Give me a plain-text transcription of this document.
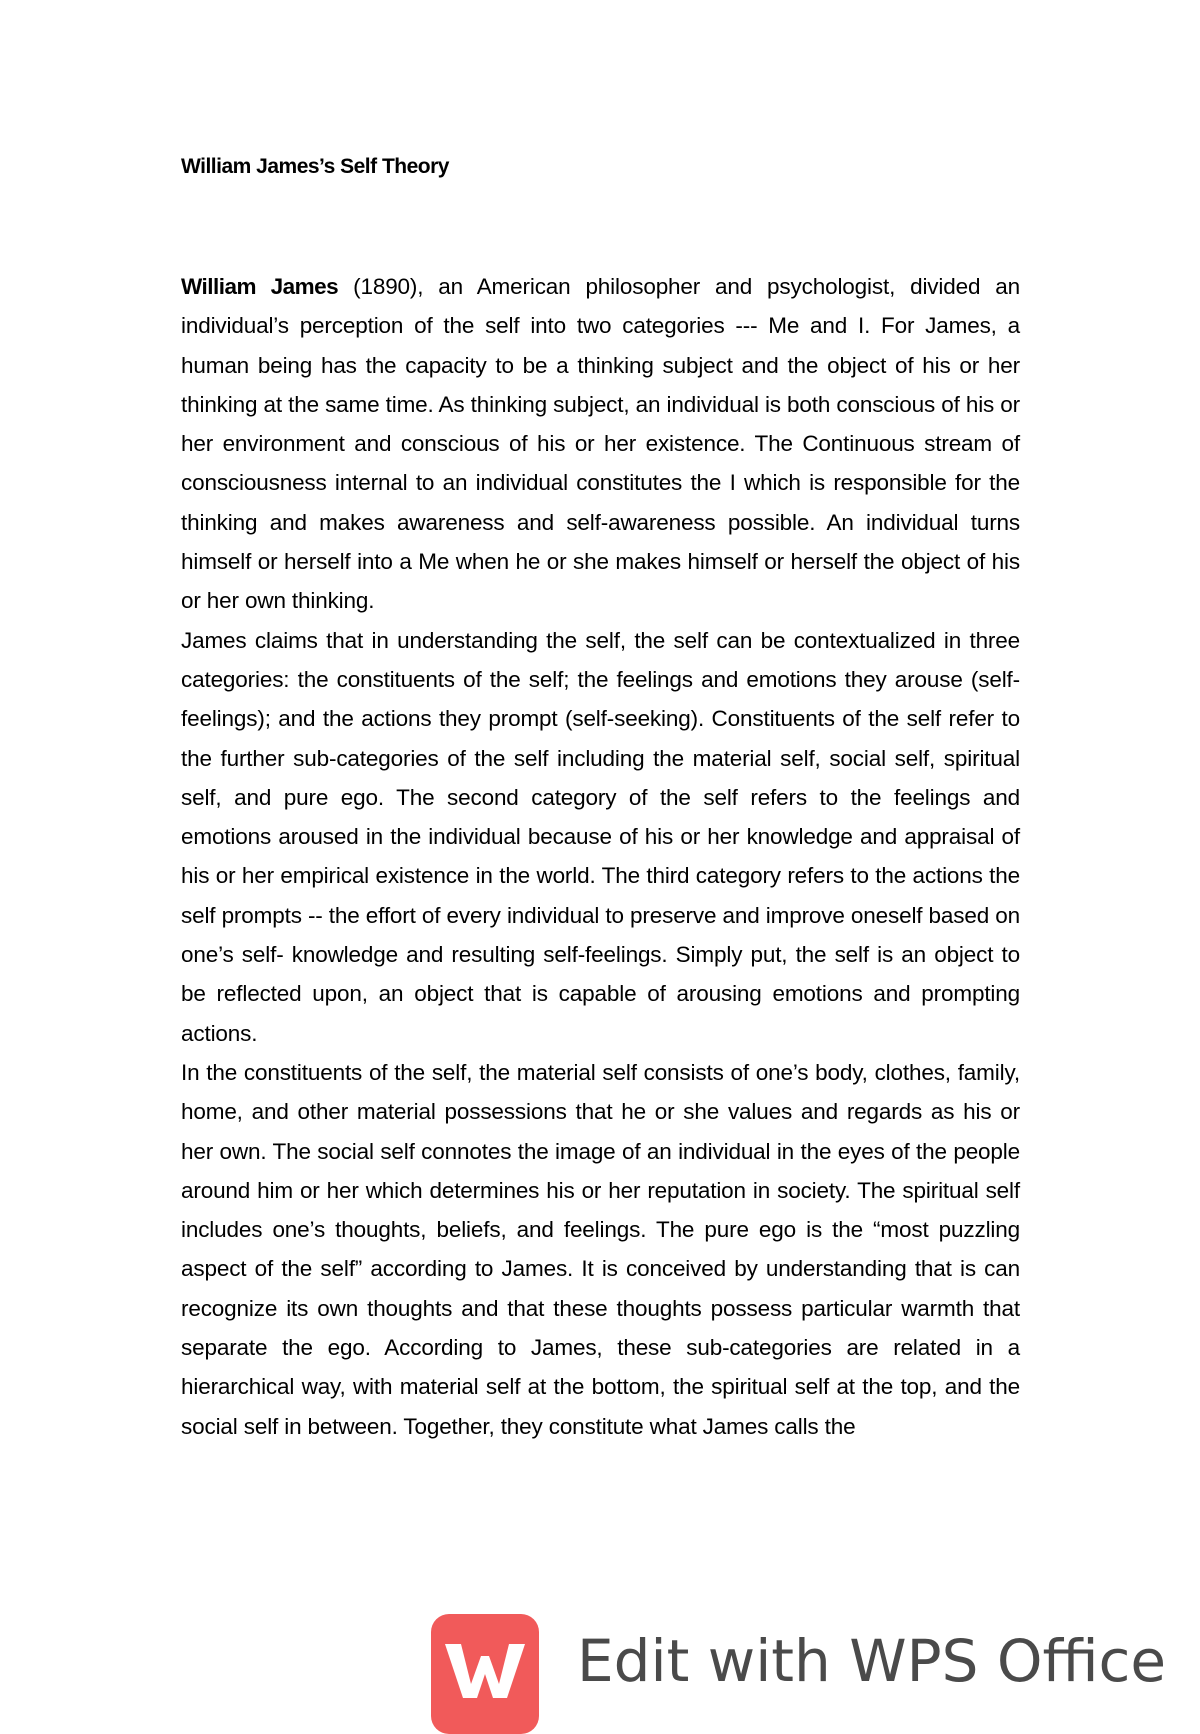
William James’s Self Theory

William James (1890), an American philosopher and psychologist, divided an individual’s perception of the self into two categories --- Me and I. For James, a human being has the capacity to be a thinking subject and the object of his or her thinking at the same time. As thinking subject, an individual is both conscious of his or her environment and conscious of his or her existence. The Continuous stream of consciousness internal to an individual constitutes the I which is responsible for the thinking and makes awareness and self-awareness possible. An individual turns himself or herself into a Me when he or she makes himself or herself the object of his or her own thinking.

James claims that in understanding the self, the self can be contextualized in three categories: the constituents of the self; the feelings and emotions they arouse (self-feelings); and the actions they prompt (self-seeking). Constituents of the self refer to the further sub-categories of the self including the material self, social self, spiritual self, and pure ego. The second category of the self refers to the feelings and emotions aroused in the individual because of his or her knowledge and appraisal of his or her empirical existence in the world. The third category refers to the actions the self prompts -- the effort of every individual to preserve and improve oneself based on one’s self- knowledge and resulting self-feelings. Simply put, the self is an object to be reflected upon, an object that is capable of arousing emotions and prompting actions.

In the constituents of the self, the material self consists of one’s body, clothes, family, home, and other material possessions that he or she values and regards as his or her own. The social self connotes the image of an individual in the eyes of the people around him or her which determines his or her reputation in society. The spiritual self includes one’s thoughts, beliefs, and feelings. The pure ego is the “most puzzling aspect of the self” according to James. It is conceived by understanding that is can recognize its own thoughts and that these thoughts possess particular warmth that separate the ego. According to James, these sub-categories are related in a hierarchical way, with material self at the bottom, the spiritual self at the top, and the social self in between. Together, they constitute what James calls the

Edit with WPS Office
